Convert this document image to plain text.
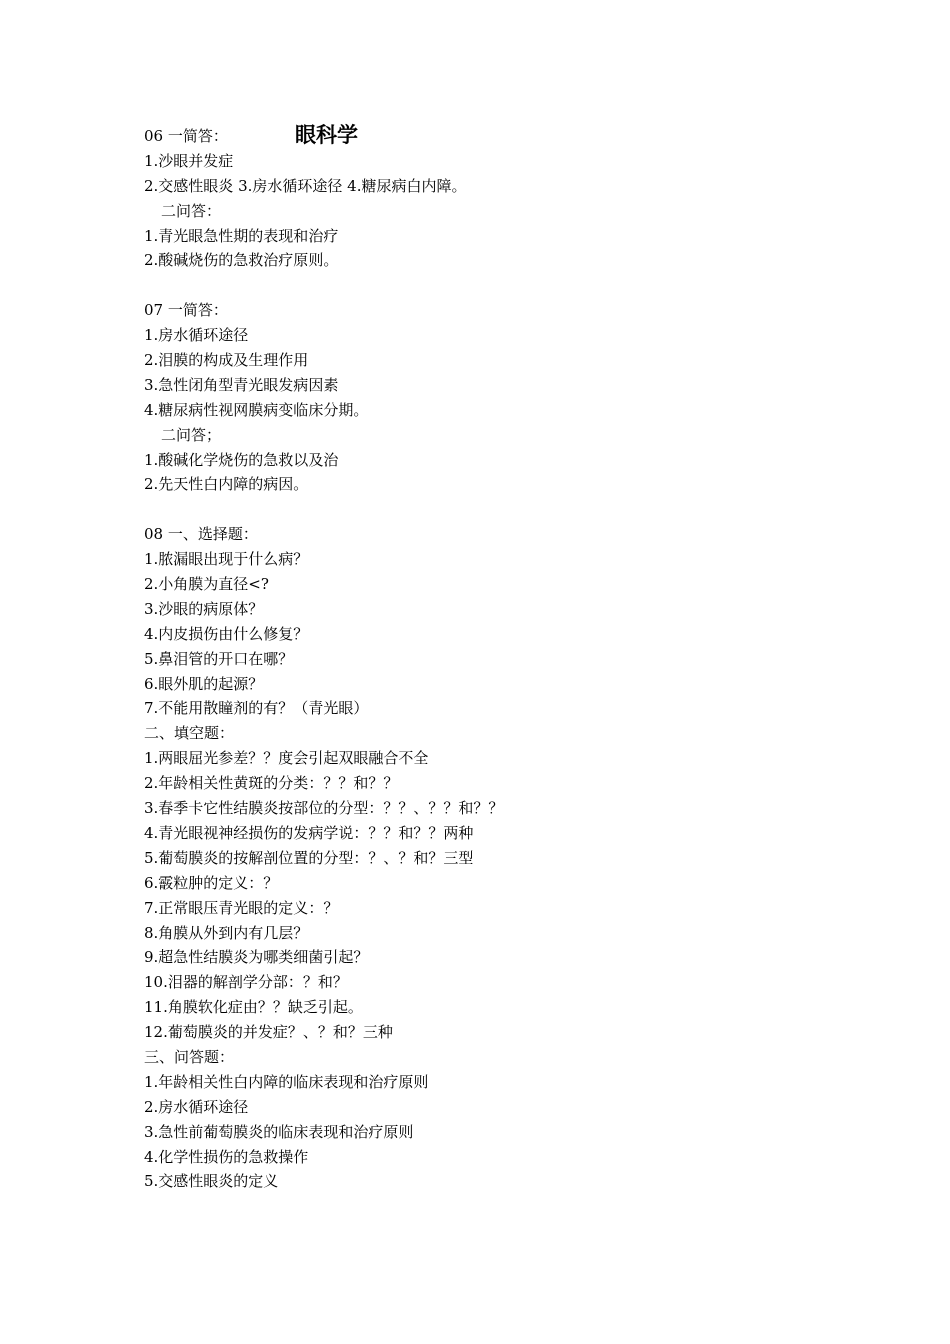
06 一简答：	眼科学
1.沙眼并发症
2.交感性眼炎 3.房水循环途径 4.糖尿病白内障。
二问答：
1.青光眼急性期的表现和治疗
2.酸碱烧伤的急救治疗原则。
07 一简答：
1.房水循环途径
2.泪膜的构成及生理作用
3.急性闭角型青光眼发病因素
4.糖尿病性视网膜病变临床分期。
二问答；
1.酸碱化学烧伤的急救以及治
2.先天性白内障的病因。
08 一、选择题：
1.脓漏眼出现于什么病？
2.小角膜为直径<?
3.沙眼的病原体？
4.内皮损伤由什么修复？
5.鼻泪管的开口在哪？
6.眼外肌的起源？
7.不能用散瞳剂的有？（青光眼）
二、填空题：
1.两眼屈光参差？？度会引起双眼融合不全
2.年龄相关性黄斑的分类：？？和？？
3.春季卡它性结膜炎按部位的分型：？？、？？和？？
4.青光眼视神经损伤的发病学说：？？和？？两种
5.葡萄膜炎的按解剖位置的分型：？、？和？三型
6.霰粒肿的定义：？
7.正常眼压青光眼的定义：？
8.角膜从外到内有几层？
9.超急性结膜炎为哪类细菌引起？
10.泪器的解剖学分部：？和？
11.角膜软化症由？？缺乏引起。
12.葡萄膜炎的并发症？、？和？三种
三、问答题：
1.年龄相关性白内障的临床表现和治疗原则
2.房水循环途径
3.急性前葡萄膜炎的临床表现和治疗原则
4.化学性损伤的急救操作
5.交感性眼炎的定义
